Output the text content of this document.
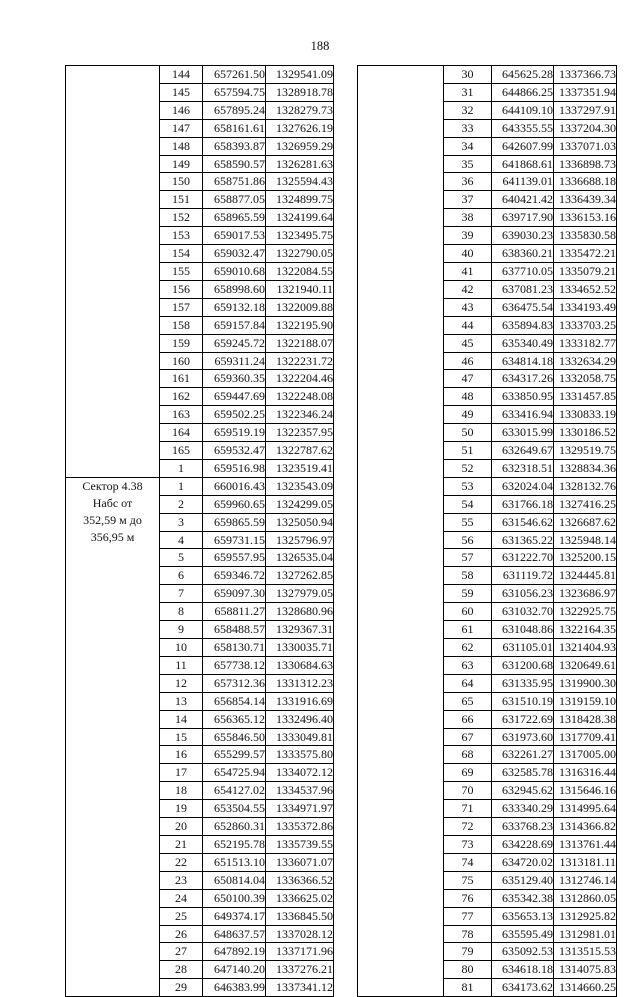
188
	144	657261.50	1329541.09
	145	657594.75	1328918.78
	146	657895.24	1328279.73
	147	658161.61	1327626.19
	148	658393.87	1326959.29
	149	658590.57	1326281.63
	150	658751.86	1325594.43
	151	658877.05	1324899.75
	152	658965.59	1324199.64
	153	659017.53	1323495.75
	154	659032.47	1322790.05
	155	659010.68	1322084.55
	156	658998.60	1321940.11
	157	659132.18	1322009.88
	158	659157.84	1322195.90
	159	659245.72	1322188.07
	160	659311.24	1322231.72
	161	659360.35	1322204.46
	162	659447.69	1322248.08
	163	659502.25	1322346.24
	164	659519.19	1322357.95
	165	659532.47	1322787.62
	1	659516.98	1323519.41

Сектор 4.38
Набс от
352,59 м до
356,95 м	1	660016.43	1323543.09
	2	659960.65	1324299.05
	3	659865.59	1325050.94
	4	659731.15	1325796.97
	5	659557.95	1326535.04
	6	659346.72	1327262.85
	7	659097.30	1327979.05
	8	658811.27	1328680.96
	9	658488.57	1329367.31
	10	658130.71	1330035.71
	11	657738.12	1330684.63
	12	657312.36	1331312.23
	13	656854.14	1331916.69
	14	656365.12	1332496.40
	15	655846.50	1333049.81
	16	655299.57	1333575.80
	17	654725.94	1334072.12
	18	654127.02	1334537.96
	19	653504.55	1334971.97
	20	652860.31	1335372.86
	21	652195.78	1335739.55
	22	651513.10	1336071.07
	23	650814.04	1336366.52
	24	650100.39	1336625.02
	25	649374.17	1336845.50
	26	648637.57	1337028.12
	27	647892.19	1337171.96
	28	647140.20	1337276.21
	29	646383.99	1337341.12
	30	645625.28	1337366.73
	31	644866.25	1337351.94
	32	644109.10	1337297.91
	33	643355.55	1337204.30
	34	642607.99	1337071.03
	35	641868.61	1336898.73
	36	641139.01	1336688.18
	37	640421.42	1336439.34
	38	639717.90	1336153.16
	39	639030.23	1335830.58
	40	638360.21	1335472.21
	41	637710.05	1335079.21
	42	637081.23	1334652.52
	43	636475.54	1334193.49
	44	635894.83	1333703.25
	45	635340.49	1333182.77
	46	634814.18	1332634.29
	47	634317.26	1332058.75
	48	633850.95	1331457.85
	49	633416.94	1330833.19
	50	633015.99	1330186.52
	51	632649.67	1329519.75
	52	632318.51	1328834.36
	53	632024.04	1328132.76
	54	631766.18	1327416.25
	55	631546.62	1326687.62
	56	631365.22	1325948.14
	57	631222.70	1325200.15
	58	631119.72	1324445.81
	59	631056.23	1323686.97
	60	631032.70	1322925.75
	61	631048.86	1322164.35
	62	631105.01	1321404.93
	63	631200.68	1320649.61
	64	631335.95	1319900.30
	65	631510.19	1319159.10
	66	631722.69	1318428.38
	67	631973.60	1317709.41
	68	632261.27	1317005.00
	69	632585.78	1316316.44
	70	632945.62	1315646.16
	71	633340.29	1314995.64
	72	633768.23	1314366.82
	73	634228.69	1313761.44
	74	634720.02	1313181.11
	75	635129.40	1312746.14
	76	635342.38	1312860.05
	77	635653.13	1312925.82
	78	635595.49	1312981.01
	79	635092.53	1313515.53
	80	634618.18	1314075.83
	81	634173.62	1314660.25
